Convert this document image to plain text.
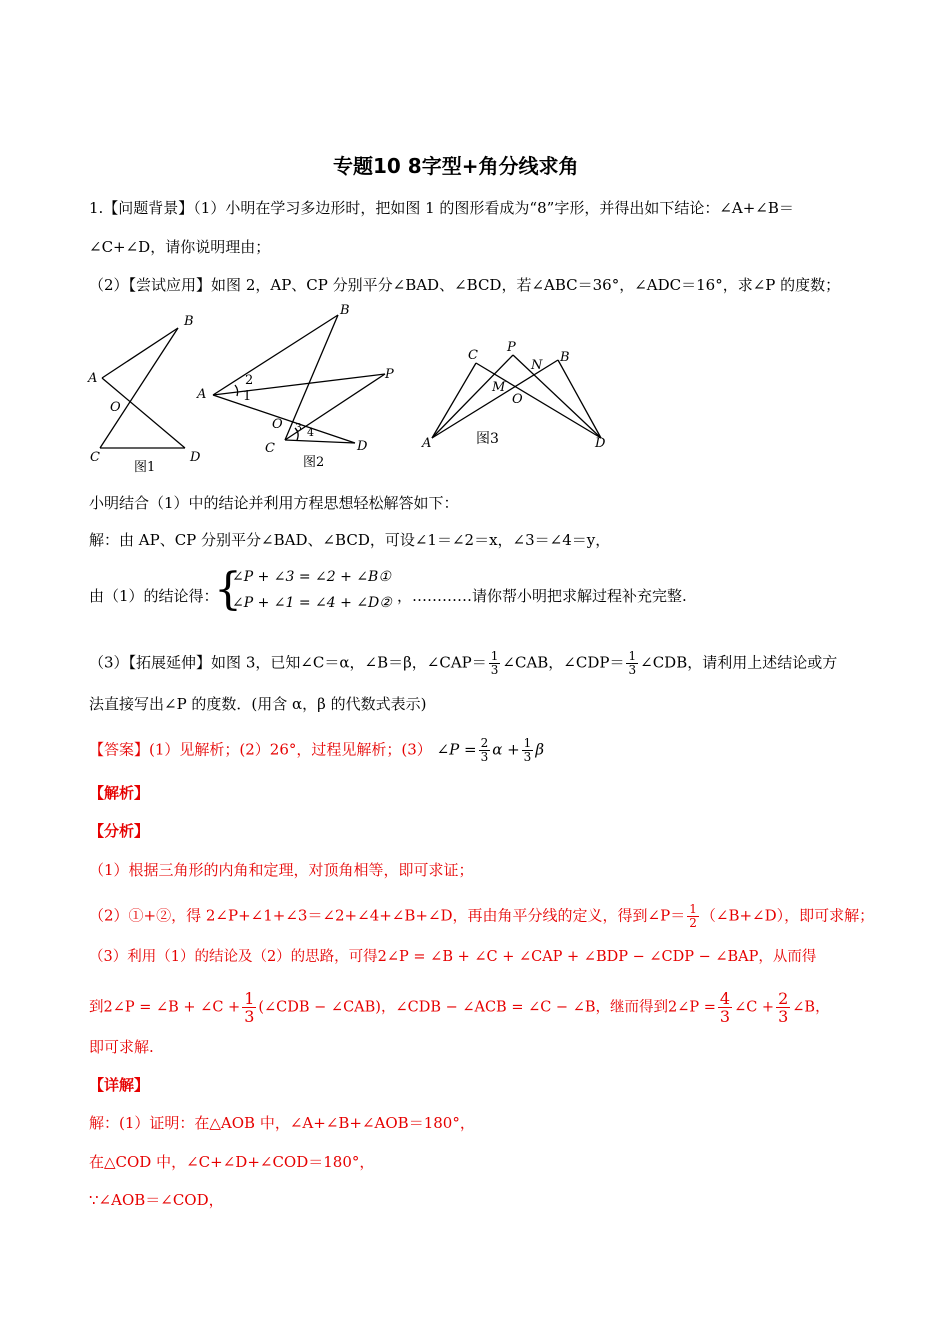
专题10 8字型+角分线求角
1.【问题背景】（1）小明在学习多边形时，把如图 1 的图形看成为“8”字形，并得出如下结论：∠A+∠B＝
∠C+∠D，请你说明理由；
（2）【尝试应用】如图 2，AP、CP 分别平分∠BAD、∠BCD，若∠ABC＝36°，∠ADC＝16°，求∠P 的度数；
A
B
O
C	D
图1
B
A
2
1
P
O 3 4
C	D
图2
C
P
N
B
M
O
A	D
图3
小明结合（1）中的结论并利用方程思想轻松解答如下：
解：由 AP、CP 分别平分∠BAD、∠BCD，可设∠1＝∠2＝x，∠3＝∠4＝y，
由（1）的结论得：
{
∠P + ∠3 = ∠2 + ∠B①
∠P + ∠1 = ∠4 + ∠D② ，…………请你帮小明把求解过程补充完整.
（3）【拓展延伸】如图 3，已知∠C＝α，∠B＝β，∠CAP＝ $\frac{1}{3}$ ∠CAB，∠CDP＝ $\frac{1}{3}$ ∠CDB，请利用上述结论或方
法直接写出∠P 的度数．(用含 α，β 的代数式表示)
【答案】(1）见解析；(2）26°，过程见解析；(3） ∠P = $\frac{2}{3}$ $\alpha + \frac{1}{3}$ β
【解析】
【分析】
（1）根据三角形的内角和定理，对顶角相等，即可求证；
（2）①+②，得 2∠P+∠1+∠3＝∠2+∠4+∠B+∠D，再由角平分线的定义，得到∠P＝ $\frac{1}{2}$ （∠B+∠D），即可求解；
（3）利用（1）的结论及（2）的思路，可得2∠P = ∠B + ∠C + ∠CAP + ∠BDP − ∠CDP − ∠BAP，从而得
到2∠P = ∠B + ∠C + $\frac{1}{3}$ (∠CDB − ∠CAB)，∠CDB − ∠ACB = ∠C − ∠B，继而得到2∠P = $\frac{4}{3}$ ∠C + $\frac{2}{3}$ ∠B，
即可求解.
【详解】
解：(1）证明：在△AOB 中，∠A+∠B+∠AOB＝180°，
在△COD 中，∠C+∠D+∠COD＝180°，
∵∠AOB＝∠COD，
